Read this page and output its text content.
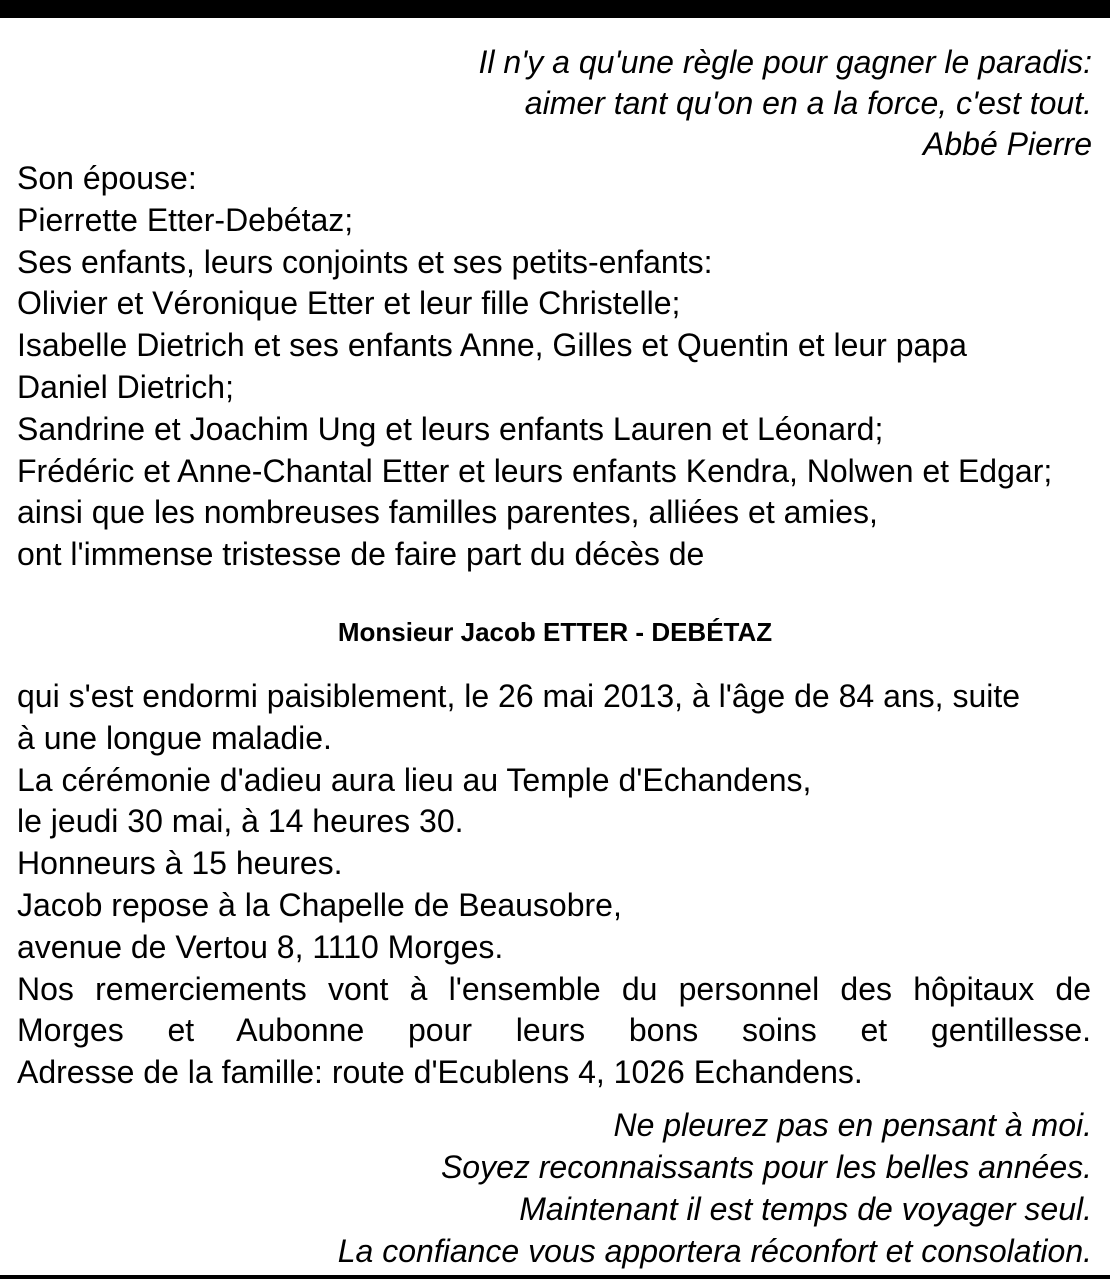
Il n'y a qu'une règle pour gagner le paradis:
aimer tant qu'on en a la force, c'est tout.
Abbé Pierre
Son épouse:
Pierrette Etter-Debétaz;
Ses enfants, leurs conjoints et ses petits-enfants:
Olivier et Véronique Etter et leur fille Christelle;
Isabelle Dietrich et ses enfants Anne, Gilles et Quentin et leur papa
Daniel Dietrich;
Sandrine et Joachim Ung et leurs enfants Lauren et Léonard;
Frédéric et Anne-Chantal Etter et leurs enfants Kendra, Nolwen et Edgar;
ainsi que les nombreuses familles parentes, alliées et amies,
ont l'immense tristesse de faire part du décès de
Monsieur Jacob ETTER - DEBÉTAZ
qui s'est endormi paisiblement, le 26 mai 2013, à l'âge de 84 ans, suite
à une longue maladie.
La cérémonie d'adieu aura lieu au Temple d'Echandens,
le jeudi 30 mai, à 14 heures 30.
Honneurs à 15 heures.
Jacob repose à la Chapelle de Beausobre,
avenue de Vertou 8, 1110 Morges.
Nos remerciements vont à l'ensemble du personnel des hôpitaux de
Morges et Aubonne pour leurs bons soins et gentillesse.
Adresse de la famille: route d'Ecublens 4, 1026 Echandens.
Ne pleurez pas en pensant à moi.
Soyez reconnaissants pour les belles années.
Maintenant il est temps de voyager seul.
La confiance vous apportera réconfort et consolation.
